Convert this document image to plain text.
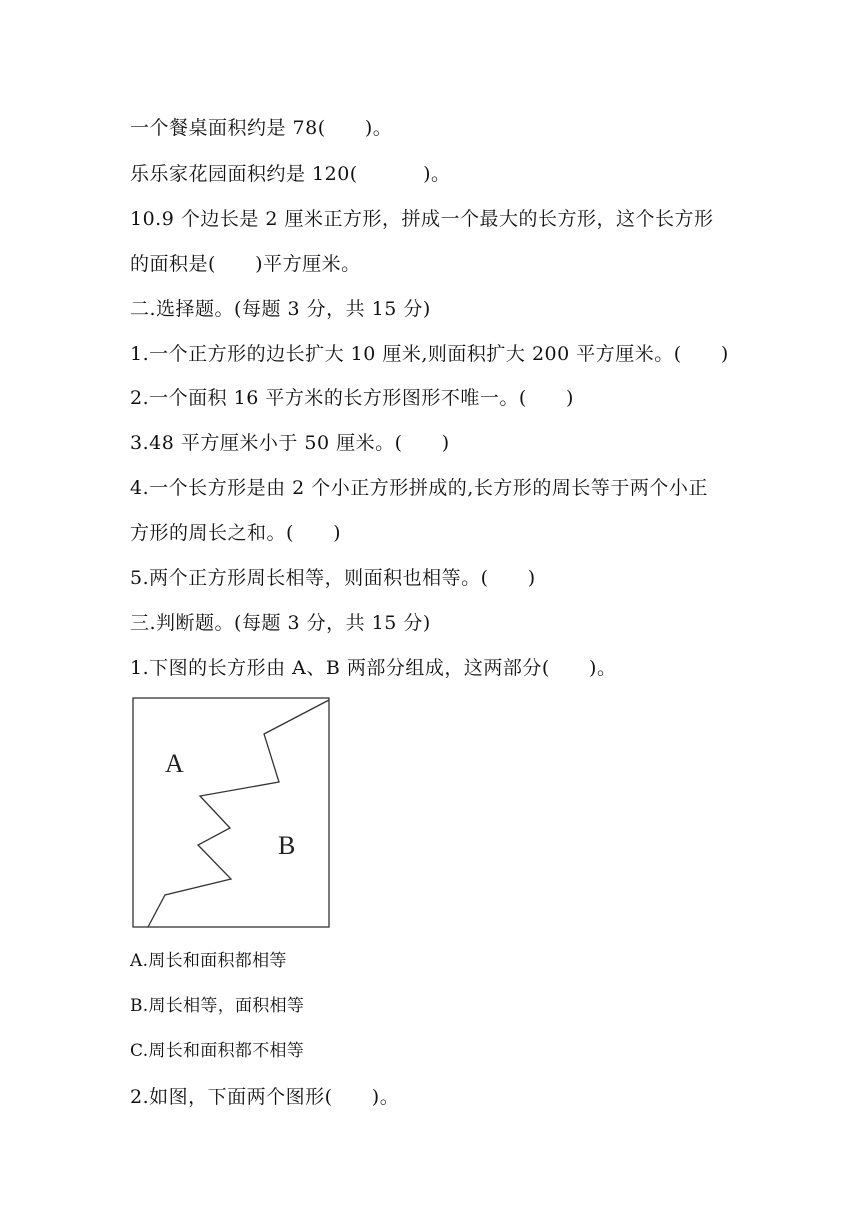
一个餐桌面积约是 78(      )。
乐乐家花园面积约是 120(          )。
10.9 个边长是 2 厘米正方形，拼成一个最大的长方形，这个长方形
的面积是(      )平方厘米。
二.选择题。(每题 3 分，共 15 分)
1.一个正方形的边长扩大 10 厘米,则面积扩大 200 平方厘米。(      )
2.一个面积 16 平方米的长方形图形不唯一。(      )
3.48 平方厘米小于 50 厘米。(      )
4.一个长方形是由 2 个小正方形拼成的,长方形的周长等于两个小正
方形的周长之和。(      )
5.两个正方形周长相等，则面积也相等。(      )
三.判断题。(每题 3 分，共 15 分)
1.下图的长方形由 A、B 两部分组成，这两部分(      )。
A
B
A.周长和面积都相等
B.周长相等，面积相等
C.周长和面积都不相等
2.如图，下面两个图形(      )。
